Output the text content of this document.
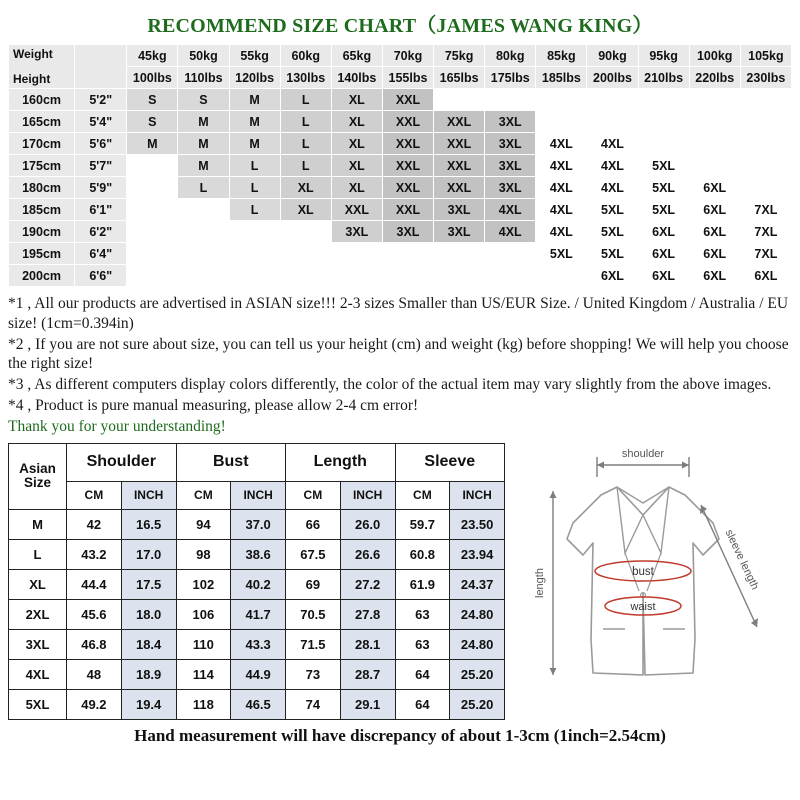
RECOMMEND SIZE CHART（JAMES WANG KING）
Weight
Height		45kg	50kg	55kg	60kg	65kg	70kg	75kg	80kg	85kg	90kg	95kg	100kg	105kg
		100lbs	110lbs	120lbs	130lbs	140lbs	155lbs	165lbs	175lbs	185lbs	200lbs	210lbs	220lbs	230lbs
160cm	5'2"	S	S	M	L	XL	XXL							
165cm	5'4"	S	M	M	L	XL	XXL	XXL	3XL					
170cm	5'6"	M	M	M	L	XL	XXL	XXL	3XL	4XL	4XL			
175cm	5'7"		M	L	L	XL	XXL	XXL	3XL	4XL	4XL	5XL		
180cm	5'9"		L	L	XL	XL	XXL	XXL	3XL	4XL	4XL	5XL	6XL	
185cm	6'1"			L	XL	XXL	XXL	3XL	4XL	4XL	5XL	5XL	6XL	7XL
190cm	6'2"					3XL	3XL	3XL	4XL	4XL	5XL	6XL	6XL	7XL
195cm	6'4"									5XL	5XL	6XL	6XL	7XL
200cm	6'6"										6XL	6XL	6XL	6XL

*1 , All our products are advertised in ASIAN size!!! 2-3 sizes Smaller than US/EUR Size. / United Kingdom / Australia / EU size! (1cm=0.394in)

*2 , If you are not sure about size, you can tell us your height (cm) and weight (kg) before shopping! We will help you choose the right size!

*3 , As different computers display colors differently, the color of the actual item may vary slightly from the above images.

*4 , Product is pure manual measuring, please allow 2-4 cm error!

Thank you for your understanding!

Asian
Size	Shoulder		Bust		Length		Sleeve	
	CM	INCH	CM	INCH	CM	INCH	CM	INCH
M	42	16.5	94	37.0	66	26.0	59.7	23.50
L	43.2	17.0	98	38.6	67.5	26.6	60.8	23.94
XL	44.4	17.5	102	40.2	69	27.2	61.9	24.37
2XL	45.6	18.0	106	41.7	70.5	27.8	63	24.80
3XL	46.8	18.4	110	43.3	71.5	28.1	63	24.80
4XL	48	18.9	114	44.9	73	28.7	64	25.20
5XL	49.2	19.4	118	46.5	74	29.1	64	25.20
shoulder
length	bust
waist
sleeve length
Hand measurement will have discrepancy of about 1-3cm (1inch=2.54cm)
